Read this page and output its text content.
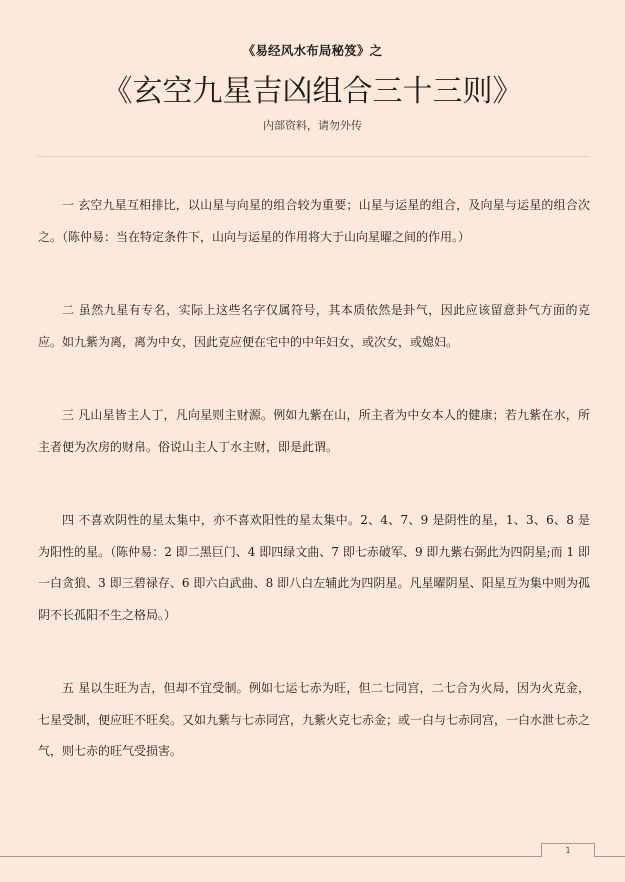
《易经风水布局秘笈》之
《玄空九星吉凶组合三十三则》
内部资料，请勿外传

一 玄空九星互相排比，以山星与向星的组合较为重要；山星与运星的组合，及向星与运星的组合次之。（陈仲易：当在特定条件下，山向与运星的作用将大于山向星曜之间的作用。）

二 虽然九星有专名，实际上这些名字仅属符号，其本质依然是卦气，因此应该留意卦气方面的克应。如九紫为离，离为中女，因此克应便在宅中的中年妇女，或次女，或媳妇。

三 凡山星皆主人丁，凡向星则主财源。例如九紫在山，所主者为中女本人的健康；若九紫在水，所主者便为次房的财帛。俗说山主人丁水主财，即是此谓。

四 不喜欢阴性的星太集中，亦不喜欢阳性的星太集中。2、4、7、9 是阴性的星，1、3、6、8 是为阳性的星。（陈仲易：2 即二黑巨门、4 即四绿文曲、7 即七赤破军、9 即九紫右弼此为四阴星;而 1 即一白贪狼、3 即三碧禄存、6 即六白武曲、8 即八白左辅此为四阴星。凡星曜阴星、阳星互为集中则为孤阴不长孤阳不生之格局。）

五 星以生旺为吉，但却不宜受制。例如七运七赤为旺，但二七同宫，二七合为火局，因为火克金，七星受制，便应旺不旺矣。又如九紫与七赤同宫，九紫火克七赤金；或一白与七赤同宫，一白水泄七赤之气，则七赤的旺气受损害。

1
